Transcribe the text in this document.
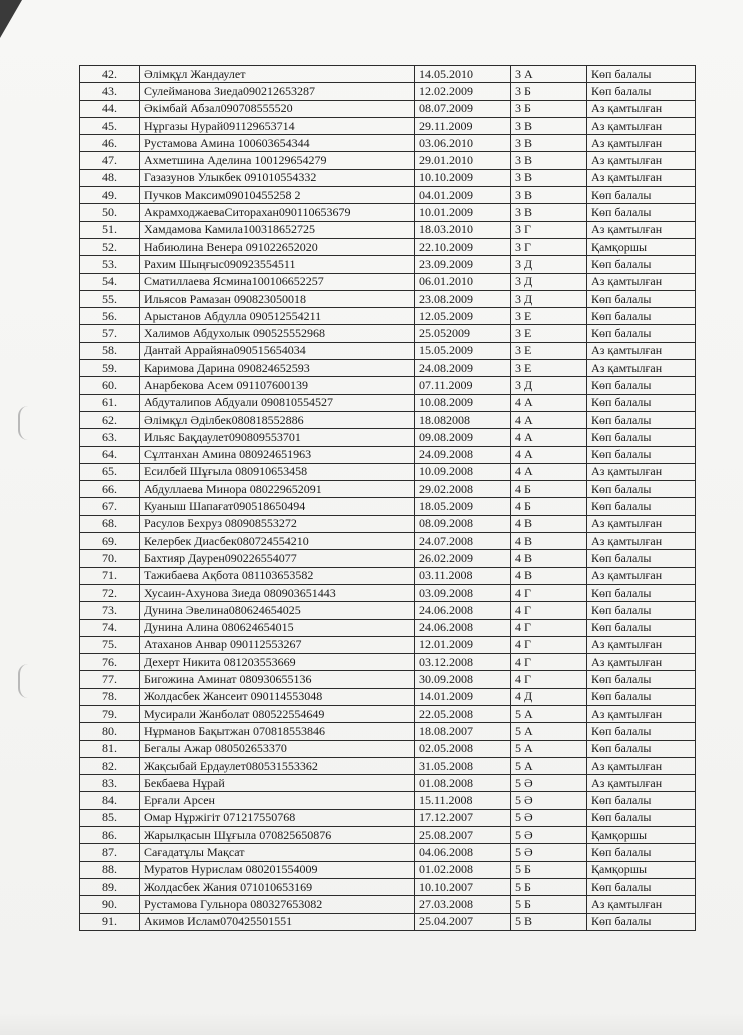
42.	Әлімқұл Жандаулет	14.05.2010	3 А	Көп балалы
43.	Сулейманова Зиеда090212653287	12.02.2009	3 Б	Көп балалы
44.	Әкімбай Абзал090708555520	08.07.2009	3 Б	Аз қамтылған
45.	Нұргазы Нурай091129653714	29.11.2009	3 В	Аз қамтылған
46.	Рустамова Амина 100603654344	03.06.2010	3 В	Аз қамтылған
47.	Ахметшина Аделина 100129654279	29.01.2010	3 В	Аз қамтылған
48.	Газазунов Улыкбек 091010554332	10.10.2009	3 В	Аз қамтылған
49.	Пучков Максим09010455258 2	04.01.2009	3 В	Көп балалы
50.	АкрамходжаеваСиторахан090110653679	10.01.2009	3 В	Көп балалы
51.	Хамдамова Камила100318652725	18.03.2010	3 Г	Аз қамтылған
52.	Набиюлина Венера 091022652020	22.10.2009	3 Г	Қамқоршы
53.	Рахим Шыңғыс090923554511	23.09.2009	3 Д	Көп балалы
54.	Сматиллаева Ясмина100106652257	06.01.2010	3 Д	Аз қамтылған
55.	Ильясов Рамазан 090823050018	23.08.2009	3 Д	Көп балалы
56.	Арыстанов Абдулла 090512554211	12.05.2009	3 Е	Көп балалы
57.	Халимов Абдухолык 090525552968	25.052009	3 Е	Көп балалы
58.	Дантай Аррайяна090515654034	15.05.2009	3 Е	Аз қамтылған
59.	Каримова Дарина 090824652593	24.08.2009	3 Е	Аз қамтылған
60.	Анарбекова Асем 091107600139	07.11.2009	3 Д	Көп балалы
61.	Абдуталипов Абдуали 090810554527	10.08.2009	4 А	Көп балалы
62.	Әлімқұл Әділбек080818552886	18.082008	4 А	Көп балалы
63.	Ильяс Бақдаулет090809553701	09.08.2009	4 А	Көп балалы
64.	Сұлтанхан Амина 080924651963	24.09.2008	4 А	Көп балалы
65.	Есилбей Шұғыла 080910653458	10.09.2008	4 А	Аз қамтылған
66.	Абдуллаева Минора 080229652091	29.02.2008	4 Б	Көп балалы
67.	Куаныш Шапағат090518650494	18.05.2009	4 Б	Көп балалы
68.	Расулов Бехруз 080908553272	08.09.2008	4 В	Аз қамтылған
69.	Келербек Диасбек080724554210	24.07.2008	4 В	Аз қамтылған
70.	Бахтияр Даурен090226554077	26.02.2009	4 В	Көп балалы
71.	Тажибаева Ақбота 081103653582	03.11.2008	4 В	Аз қамтылған
72.	Хусаин-Ахунова Зиеда 080903651443	03.09.2008	4 Г	Көп балалы
73.	Дунина Эвелина080624654025	24.06.2008	4 Г	Көп балалы
74.	Дунина Алина 080624654015	24.06.2008	4 Г	Көп балалы
75.	Атаханов Анвар 090112553267	12.01.2009	4 Г	Аз қамтылған
76.	Дехерт Никита 081203553669	03.12.2008	4 Г	Аз қамтылған
77.	Бигожина Аминат 080930655136	30.09.2008	4 Г	Көп балалы
78.	Жолдасбек Жансеит 090114553048	14.01.2009	4 Д	Көп балалы
79.	Мусирали Жанболат 080522554649	22.05.2008	5 А	Аз қамтылған
80.	Нұрманов Бақытжан 070818553846	18.08.2007	5 А	Көп балалы
81.	Бегалы Ажар 080502653370	02.05.2008	5 А	Көп балалы
82.	Жақсыбай Ердаулет080531553362	31.05.2008	5 А	Аз қамтылған
83.	Бекбаева Нұрай	01.08.2008	5 Ә	Аз қамтылған
84.	Ерғали Арсен	15.11.2008	5 Ә	Көп балалы
85.	Омар Нұржігіт 071217550768	17.12.2007	5 Ә	Көп балалы
86.	Жарылқасын Шұғыла 070825650876	25.08.2007	5 Ә	Қамқоршы
87.	Сағадатұлы Мақсат	04.06.2008	5 Ә	Көп балалы
88.	Муратов Нурислам 080201554009	01.02.2008	5 Б	Қамқоршы
89.	Жолдасбек Жания 071010653169	10.10.2007	5 Б	Көп балалы
90.	Рустамова Гульнора 080327653082	27.03.2008	5 Б	Аз қамтылған
91.	Акимов Ислам070425501551	25.04.2007	5 В	Көп балалы
